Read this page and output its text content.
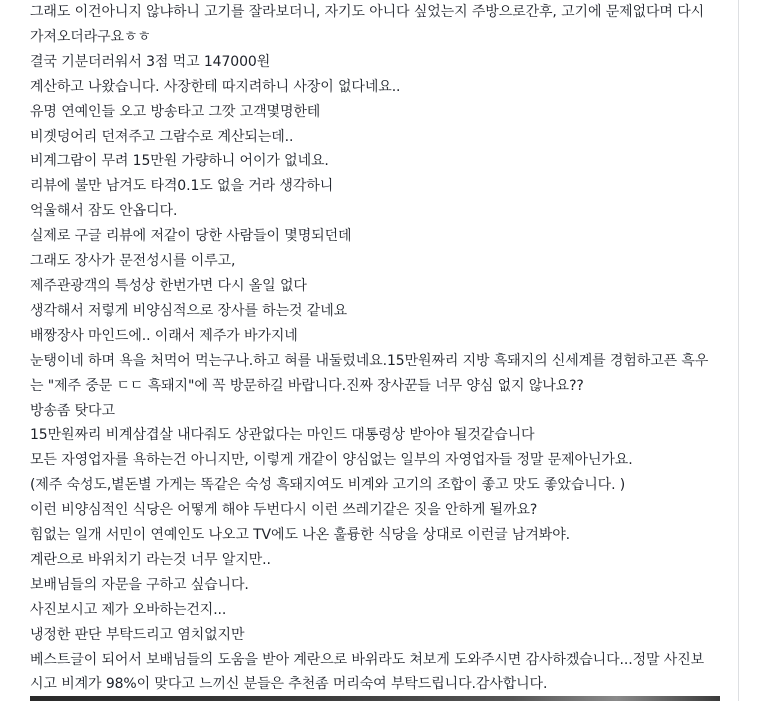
그래도 이건아니지 않냐하니 고기를 잘라보더니, 자기도 아니다 싶었는지 주방으로간후, 고기에 문제없다며 다시
가져오더라구요ㅎㅎ
결국 기분더러워서 3점 먹고 147000원
계산하고 나왔습니다. 사장한테 따지려하니 사장이 없다네요..
유명 연예인들 오고 방송타고 그깟 고객몇명한테
비곗덩어리 던져주고 그람수로 계산되는데..
비계그람이 무려 15만원 가량하니 어이가 없네요.
리뷰에 불만 남겨도 타격0.1도 없을 거라 생각하니
억울해서 잠도 안옵디다.
실제로 구글 리뷰에 저같이 당한 사람들이 몇명되던데
그래도 장사가 문전성시를 이루고,
제주관광객의 특성상 한번가면 다시 올일 없다
생각해서 저렇게 비양심적으로 장사를 하는것 같네요
배짱장사 마인드에.. 이래서 제주가 바가지네
눈탱이네 하며 욕을 처먹어 먹는구나.하고 혀를 내둘렀네요.15만원짜리 지방 흑돼지의 신세계를 경험하고픈 흑우
는 "제주 중문 ㄷㄷ 흑돼지"에 꼭 방문하길 바랍니다.진짜 장사꾼들 너무 양심 없지 않나요??
방송좀 탓다고
15만원짜리 비계삼겹살 내다줘도 상관없다는 마인드 대통령상 받아야 될것같습니다
모든 자영업자를 욕하는건 아니지만, 이렇게 개같이 양심없는 일부의 자영업자들 정말 문제아닌가요.
(제주 숙성도,볕돈별 가게는 똑같은 숙성 흑돼지여도 비계와 고기의 조합이 좋고 맛도 좋았습니다. )
이런 비양심적인 식당은 어떻게 해야 두번다시 이런 쓰레기같은 짓을 안하게 될까요?
힘없는 일개 서민이 연예인도 나오고 TV에도 나온 훌륭한 식당을 상대로 이런글 남겨봐야.
계란으로 바위치기 라는것 너무 알지만..
보배님들의 자문을 구하고 싶습니다.
사진보시고 제가 오바하는건지...
냉정한 판단 부탁드리고 염치없지만
베스트글이 되어서 보배님들의 도움을 받아 계란으로 바위라도 쳐보게 도와주시면 감사하겠습니다...정말 사진보
시고 비계가 98%이 맞다고 느끼신 분들은 추천좀 머리숙여 부탁드립니다.감사합니다.
